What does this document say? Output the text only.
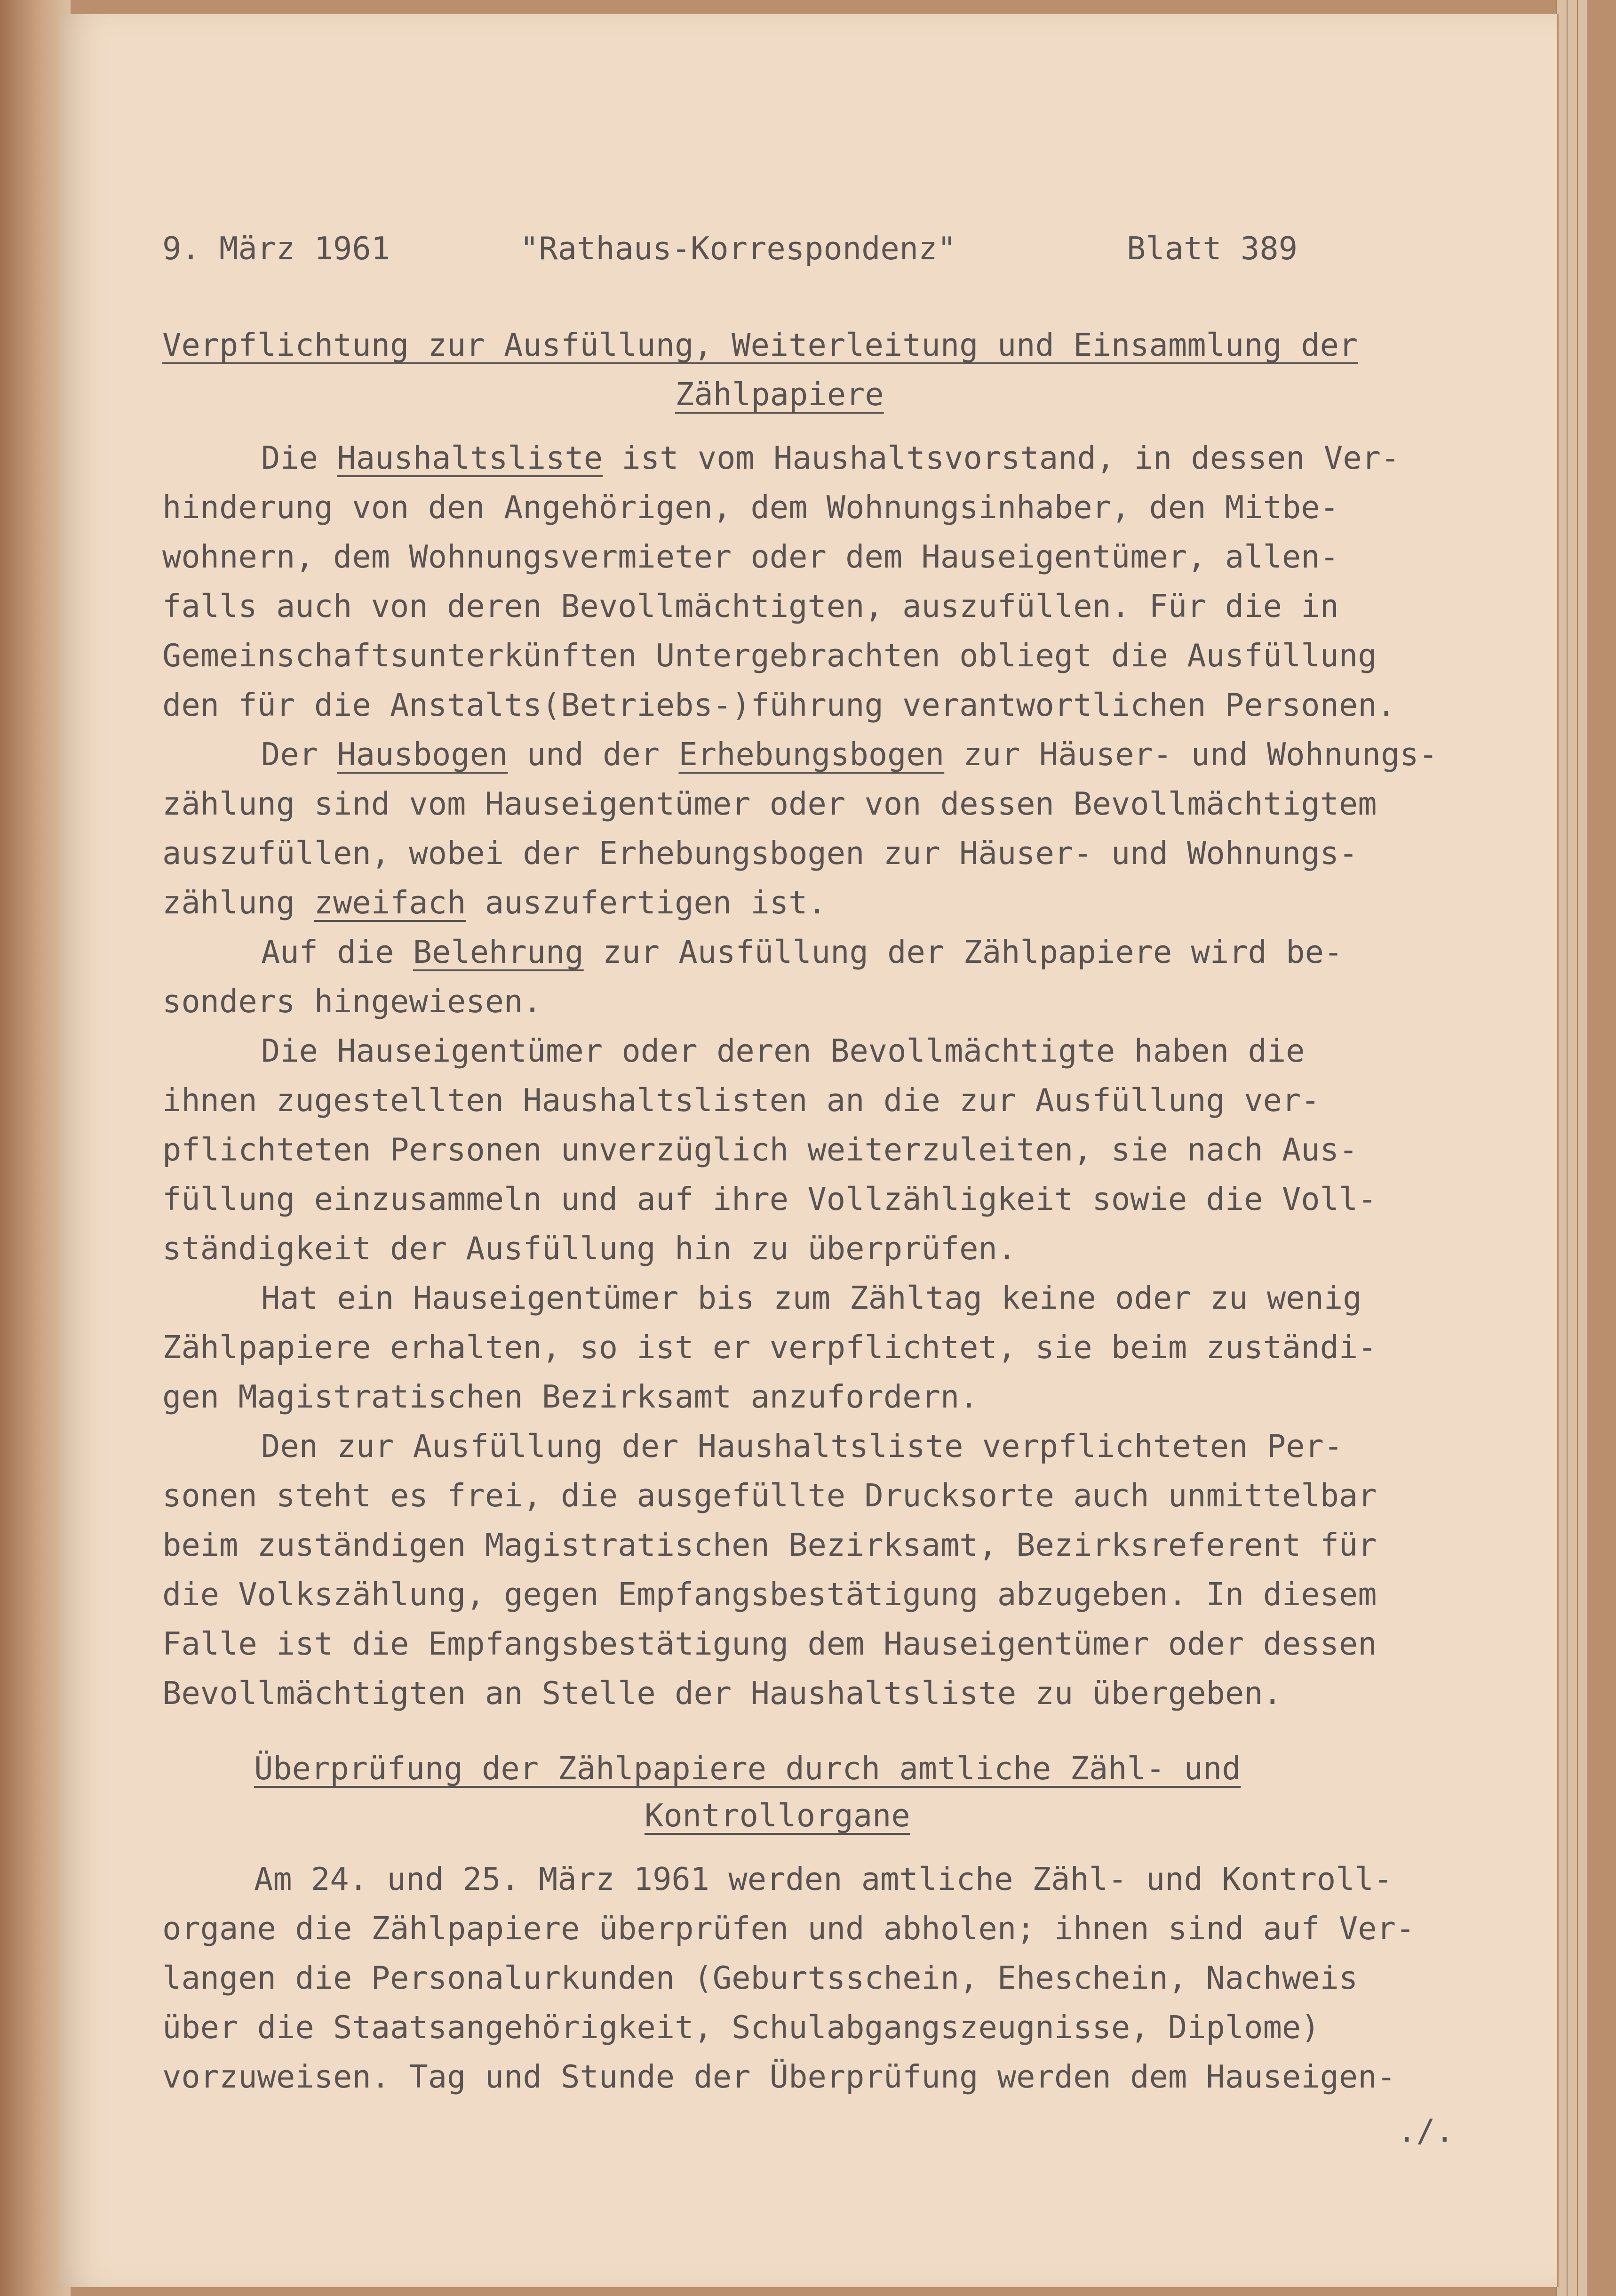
9. März 1961	"Rathaus-Korrespondenz"	Blatt 389
Verpflichtung zur Ausfüllung, Weiterleitung und Einsammlung der
Zählpapiere
Die Haushaltsliste ist vom Haushaltsvorstand, in dessen Ver-
hinderung von den Angehörigen, dem Wohnungsinhaber, den Mitbe-
wohnern, dem Wohnungsvermieter oder dem Hauseigentümer, allen-
falls auch von deren Bevollmächtigten, auszufüllen. Für die in
Gemeinschaftsunterkünften Untergebrachten obliegt die Ausfüllung
den für die Anstalts(Betriebs-)führung verantwortlichen Personen.
Der Hausbogen und der Erhebungsbogen zur Häuser- und Wohnungs-
zählung sind vom Hauseigentümer oder von dessen Bevollmächtigtem
auszufüllen, wobei der Erhebungsbogen zur Häuser- und Wohnungs-
zählung zweifach auszufertigen ist.
Auf die Belehrung zur Ausfüllung der Zählpapiere wird be-
sonders hingewiesen.
Die Hauseigentümer oder deren Bevollmächtigte haben die
ihnen zugestellten Haushaltslisten an die zur Ausfüllung ver-
pflichteten Personen unverzüglich weiterzuleiten, sie nach Aus-
füllung einzusammeln und auf ihre Vollzähligkeit sowie die Voll-
ständigkeit der Ausfüllung hin zu überprüfen.
Hat ein Hauseigentümer bis zum Zähltag keine oder zu wenig
Zählpapiere erhalten, so ist er verpflichtet, sie beim zuständi-
gen Magistratischen Bezirksamt anzufordern.
Den zur Ausfüllung der Haushaltsliste verpflichteten Per-
sonen steht es frei, die ausgefüllte Drucksorte auch unmittelbar
beim zuständigen Magistratischen Bezirksamt, Bezirksreferent für
die Volkszählung, gegen Empfangsbestätigung abzugeben. In diesem
Falle ist die Empfangsbestätigung dem Hauseigentümer oder dessen
Bevollmächtigten an Stelle der Haushaltsliste zu übergeben.
Überprüfung der Zählpapiere durch amtliche Zähl- und
Kontrollorgane
Am 24. und 25. März 1961 werden amtliche Zähl- und Kontroll-
organe die Zählpapiere überprüfen und abholen; ihnen sind auf Ver-
langen die Personalurkunden (Geburtsschein, Eheschein, Nachweis
über die Staatsangehörigkeit, Schulabgangszeugnisse, Diplome)
vorzuweisen. Tag und Stunde der Überprüfung werden dem Hauseigen-
./.
